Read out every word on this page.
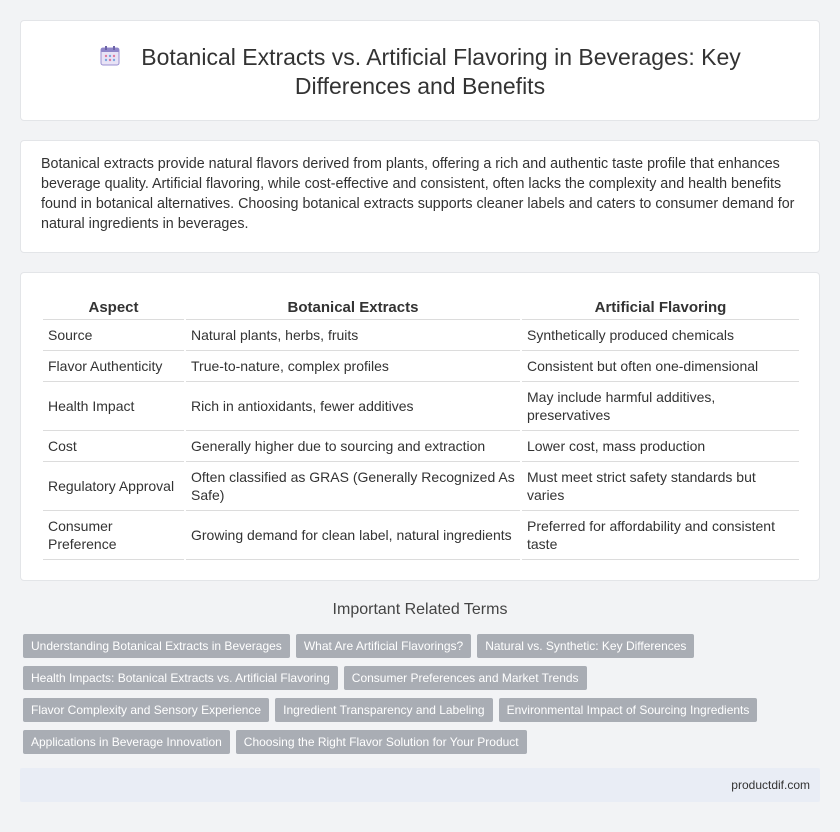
Botanical Extracts vs. Artificial Flavoring in Beverages: Key
Differences and Benefits

Botanical extracts provide natural flavors derived from plants, offering a rich and authentic taste profile that enhances beverage quality. Artificial flavoring, while cost-effective and consistent, often lacks the complexity and health benefits found in botanical alternatives. Choosing botanical extracts supports cleaner labels and caters to consumer demand for natural ingredients in beverages.

Aspect	Botanical Extracts	Artificial Flavoring
Source	Natural plants, herbs, fruits	Synthetically produced chemicals
Flavor Authenticity	True-to-nature, complex profiles	Consistent but often one-dimensional
Health Impact	Rich in antioxidants, fewer additives	May include harmful additives, preservatives
Cost	Generally higher due to sourcing and extraction	Lower cost, mass production
Regulatory Approval	Often classified as GRAS (Generally Recognized As Safe)	Must meet strict safety standards but varies
Consumer Preference	Growing demand for clean label, natural ingredients	Preferred for affordability and consistent taste
Important Related Terms
Understanding Botanical Extracts in Beverages What Are Artificial Flavorings? Natural vs. Synthetic: Key Differences
Health Impacts: Botanical Extracts vs. Artificial Flavoring Consumer Preferences and Market Trends
Flavor Complexity and Sensory Experience Ingredient Transparency and Labeling Environmental Impact of Sourcing Ingredients
Applications in Beverage Innovation Choosing the Right Flavor Solution for Your Product
productdif.com
